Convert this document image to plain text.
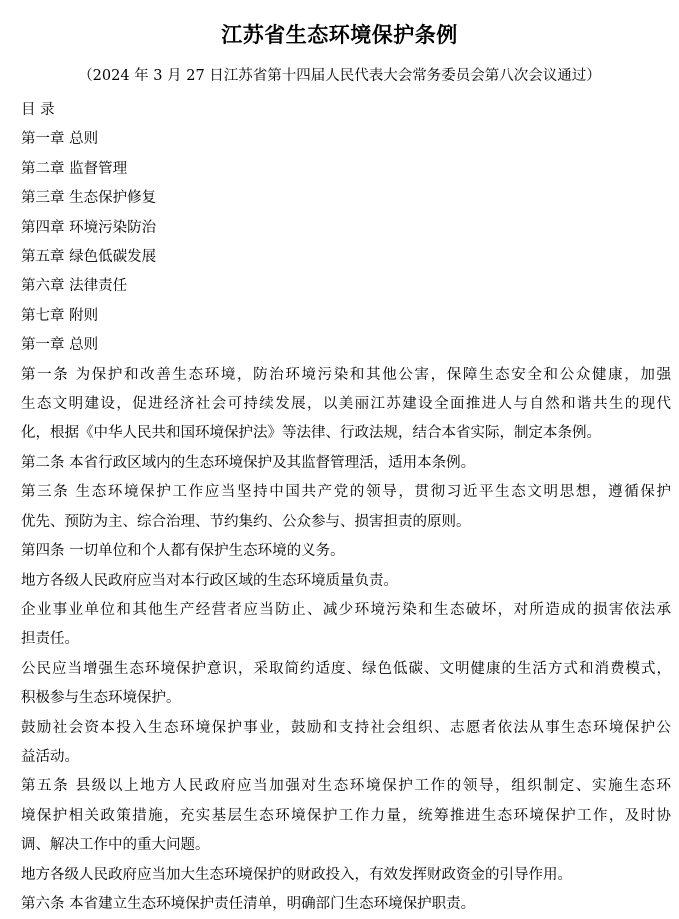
江苏省生态环境保护条例
（2024 年 3 月 27 日江苏省第十四届人民代表大会常务委员会第八次会议通过）
目 录
第一章 总则
第二章 监督管理
第三章 生态保护修复
第四章 环境污染防治
第五章 绿色低碳发展
第六章 法律责任
第七章 附则
第一章 总则
第一条 为保护和改善生态环境，防治环境污染和其他公害，保障生态安全和公众健康，加强
生态文明建设，促进经济社会可持续发展，以美丽江苏建设全面推进人与自然和谐共生的现代
化，根据《中华人民共和国环境保护法》等法律、行政法规，结合本省实际，制定本条例。
第二条 本省行政区域内的生态环境保护及其监督管理活，适用本条例。
第三条 生态环境保护工作应当坚持中国共产党的领导，贯彻习近平生态文明思想，遵循保护
优先、预防为主、综合治理、节约集约、公众参与、损害担责的原则。
第四条 一切单位和个人都有保护生态环境的义务。
地方各级人民政府应当对本行政区域的生态环境质量负责。
企业事业单位和其他生产经营者应当防止、减少环境污染和生态破坏，对所造成的损害依法承
担责任。
公民应当增强生态环境保护意识，采取简约适度、绿色低碳、文明健康的生活方式和消费模式，
积极参与生态环境保护。
鼓励社会资本投入生态环境保护事业，鼓励和支持社会组织、志愿者依法从事生态环境保护公
益活动。
第五条 县级以上地方人民政府应当加强对生态环境保护工作的领导，组织制定、实施生态环
境保护相关政策措施，充实基层生态环境保护工作力量，统筹推进生态环境保护工作，及时协
调、解决工作中的重大问题。
地方各级人民政府应当加大生态环境保护的财政投入，有效发挥财政资金的引导作用。
第六条 本省建立生态环境保护责任清单，明确部门生态环境保护职责。
